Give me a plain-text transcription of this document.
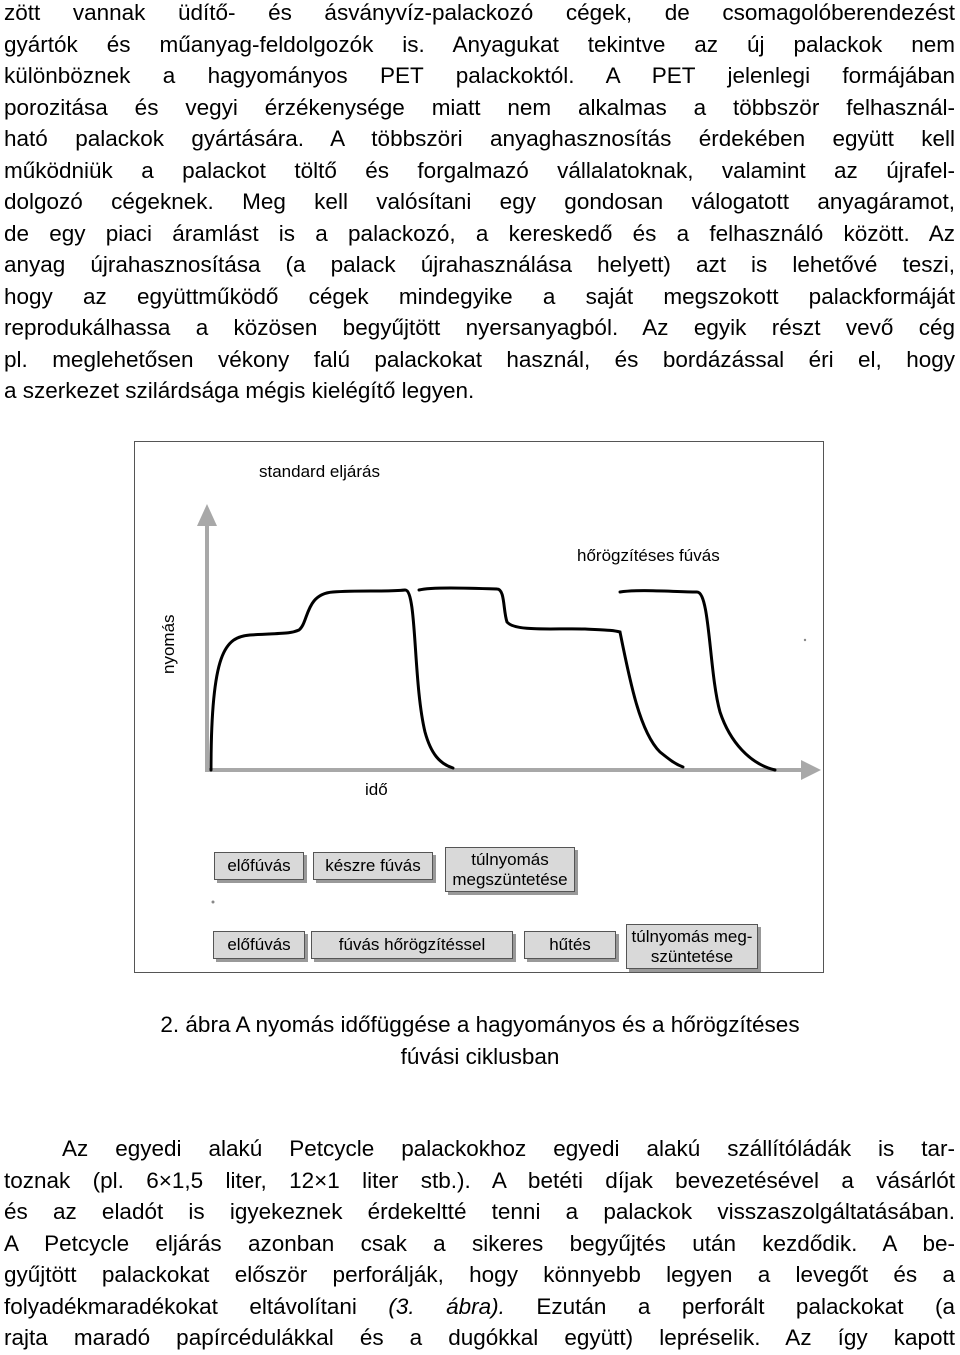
zött vannak üdítő- és ásványvíz-palackozó cégek, de csomagolóberendezést
gyártók és műanyag-feldolgozók is. Anyagukat tekintve az új palackok nem
különböznek a hagyományos PET palackoktól. A PET jelenlegi formájában
porozitása és vegyi érzékenysége miatt nem alkalmas a többször felhasznál-
ható palackok gyártására. A többszöri anyaghasznosítás érdekében együtt kell
működniük a palackot töltő és forgalmazó vállalatoknak, valamint az újrafel-
dolgozó cégeknek. Meg kell valósítani egy gondosan válogatott anyagáramot,
de egy piaci áramlást is a palackozó, a kereskedő és a felhasználó között. Az
anyag újrahasznosítása (a palack újrahasználása helyett) azt is lehetővé teszi,
hogy az együttműködő cégek mindegyike a saját megszokott palackformáját
reprodukálhassa a közösen begyűjtött nyersanyagból. Az egyik részt vevő cég
pl. meglehetősen vékony falú palackokat használ, és bordázással éri el, hogy
a szerkezet szilárdsága mégis kielégítő legyen.
standard eljárás
hőrögzítéses fúvás
nyomás
idő
előfúvás készre fúvás	túlnyomás
megszüntetése
előfúvás	fúvás hőrögzítéssel	hűtés túlnyomás meg-
szüntetése
2. ábra A nyomás időfüggése a hagyományos és a hőrögzítéses
fúvási ciklusban
Az egyedi alakú Petcycle palackokhoz egyedi alakú szállítóládák is tar-
toznak (pl. 6×1,5 liter, 12×1 liter stb.). A betéti díjak bevezetésével a vásárlót
és az eladót is igyekeznek érdekeltté tenni a palackok visszaszolgáltatásában.
A Petcycle eljárás azonban csak a sikeres begyűjtés után kezdődik. A be-
gyűjtött palackokat először perforálják, hogy könnyebb legyen a levegőt és a
folyadékmaradékokat eltávolítani (3. ábra). Ezután a perforált palackokat (a
rajta maradó papírcédulákkal és a dugókkal együtt) lepréselik. Az így kapott
